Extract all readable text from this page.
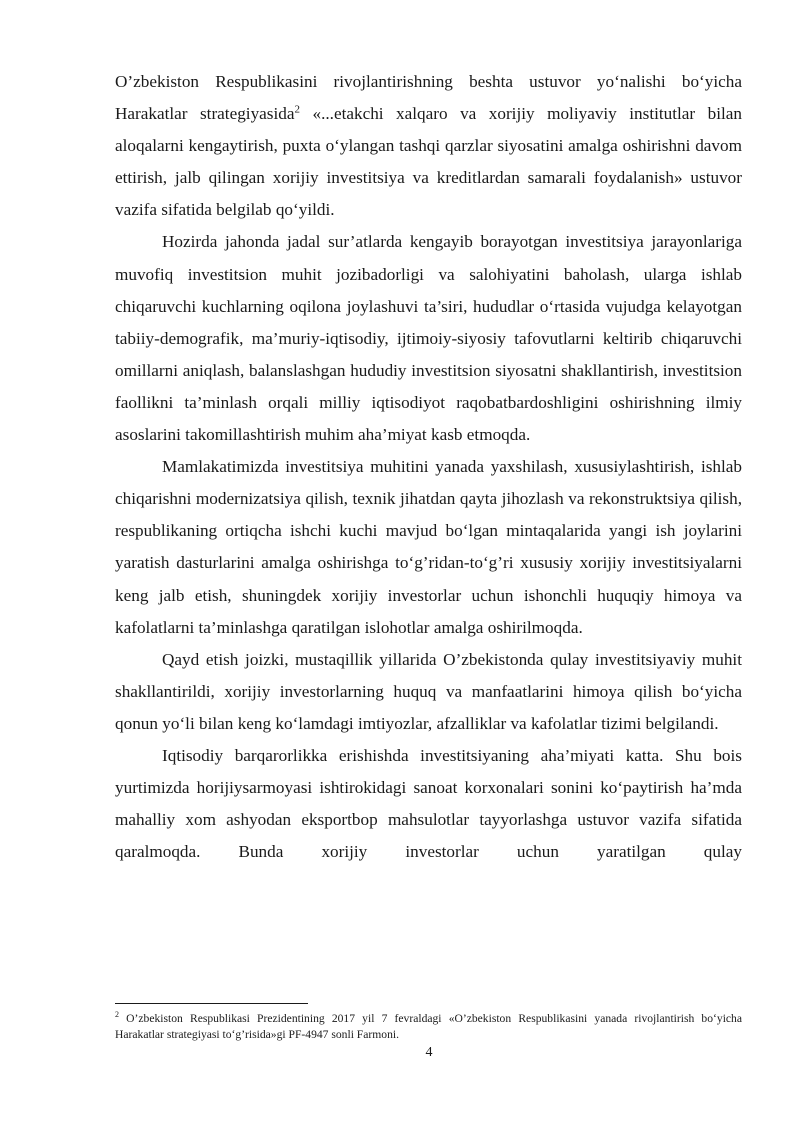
O’zbekiston Respublikasini rivojlantirishning beshta ustuvor yo‘nalishi bo‘yicha Harakatlar strategiyasida$^2$ «...etakchi xalqaro va xorijiy moliyaviy institutlar bilan aloqalarni kengaytirish, puxta o‘ylangan tashqi qarzlar siyosatini amalga oshirishni davom ettirish, jalb qilingan xorijiy investitsiya va kreditlardan samarali foydalanish» ustuvor vazifa sifatida belgilab qo‘yildi.

Hozirda jahonda jadal sur’atlarda kengayib borayotgan investitsiya jarayonlariga muvofiq investitsion muhit jozibadorligi va salohiyatini baholash, ularga ishlab chiqaruvchi kuchlarning oqilona joylashuvi ta’siri, hududlar o‘rtasida vujudga kelayotgan tabiiy-demografik, ma’muriy-iqtisodiy, ijtimoiy-siyosiy tafovutlarni keltirib chiqaruvchi omillarni aniqlash, balanslashgan hududiy investitsion siyosatni shakllantirish, investitsion faollikni ta’minlash orqali milliy iqtisodiyot raqobatbardoshligini oshirishning ilmiy asoslarini takomillashtirish muhim aha’miyat kasb etmoqda.

Mamlakatimizda investitsiya muhitini yanada yaxshilash, xususiylashtirish, ishlab chiqarishni modernizatsiya qilish, texnik jihatdan qayta jihozlash va rekonstruktsiya qilish, respublikaning ortiqcha ishchi kuchi mavjud bo‘lgan mintaqalarida yangi ish joylarini yaratish dasturlarini amalga oshirishga to‘g’ridan-to‘g’ri xususiy xorijiy investitsiyalarni keng jalb etish, shuningdek xorijiy investorlar uchun ishonchli huquqiy himoya va kafolatlarni ta’minlashga qaratilgan islohotlar amalga oshirilmoqda.

Qayd etish joizki, mustaqillik yillarida O’zbekistonda qulay investitsiyaviy muhit shakllantirildi, xorijiy investorlarning huquq va manfaatlarini himoya qilish bo‘yicha qonun yo‘li bilan keng ko‘lamdagi imtiyozlar, afzalliklar va kafolatlar tizimi belgilandi.

Iqtisodiy barqarorlikka erishishda investitsiyaning aha’miyati katta. Shu bois yurtimizda horijiysarmoyasi ishtirokidagi sanoat korxonalari sonini ko‘paytirish ha’mda mahalliy xom ashyodan eksportbop mahsulotlar tayyorlashga ustuvor vazifa sifatida qaralmoqda. Bunda xorijiy investorlar uchun yaratilgan qulay

$^2$ O’zbekiston Respublikasi Prezidentining 2017 yil 7 fevraldagi «O’zbekiston Respublikasini yanada rivojlantirish bo‘yicha Harakatlar strategiyasi to‘g’risida»gi PF-4947 sonli Farmoni.

4
